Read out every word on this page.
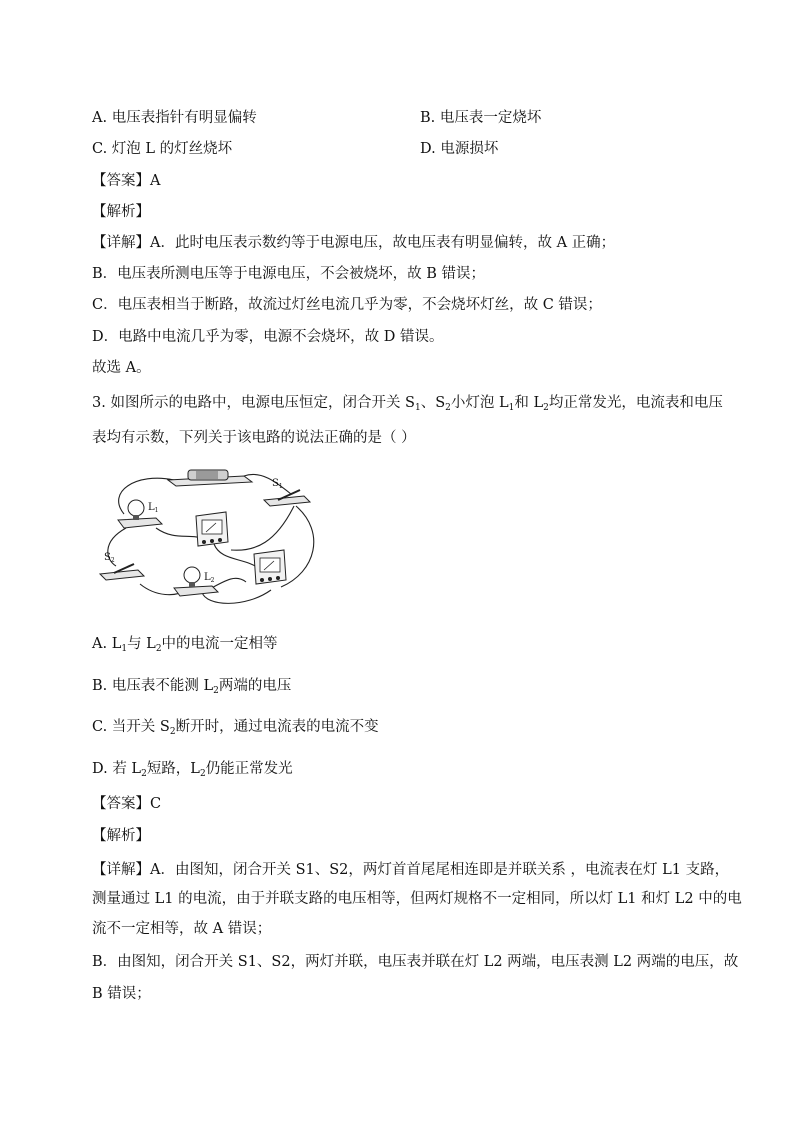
A. 电压表指针有明显偏转	B. 电压表一定烧坏
C. 灯泡 L 的灯丝烧坏	D. 电源损坏
【答案】A
【解析】
【详解】A．此时电压表示数约等于电源电压，故电压表有明显偏转，故 A 正确；
B．电压表所测电压等于电源电压，不会被烧坏，故 B 错误；
C．电压表相当于断路，故流过灯丝电流几乎为零，不会烧坏灯丝，故 C 错误；
D．电路中电流几乎为零，电源不会烧坏，故 D 错误。
故选 A。
3. 如图所示的电路中，电源电压恒定，闭合开关 $S_1$、$S_2$小灯泡 $L_1$和 $L_2$均正常发光，电流表和电压
表均有示数，下列关于该电路的说法正确的是（ ）
$S_1$
$L_1$
$S_2$
$L_2$
A. $L_1$与 $L_2$中的电流一定相等
B. 电压表不能测 $L_2$两端的电压
C. 当开关 $S_2$断开时，通过电流表的电流不变
D. 若 $L_2$短路，$L_2$仍能正常发光
【答案】C
【解析】
【详解】A．由图知，闭合开关 S1、S2，两灯首首尾尾相连即是并联关系 ，电流表在灯 L1 支路，
测量通过 L1 的电流，由于并联支路的电压相等，但两灯规格不一定相同，所以灯 L1 和灯 L2 中的电
流不一定相等，故 A 错误；
B．由图知，闭合开关 S1、S2，两灯并联，电压表并联在灯 L2 两端，电压表测 L2 两端的电压，故
B 错误；
